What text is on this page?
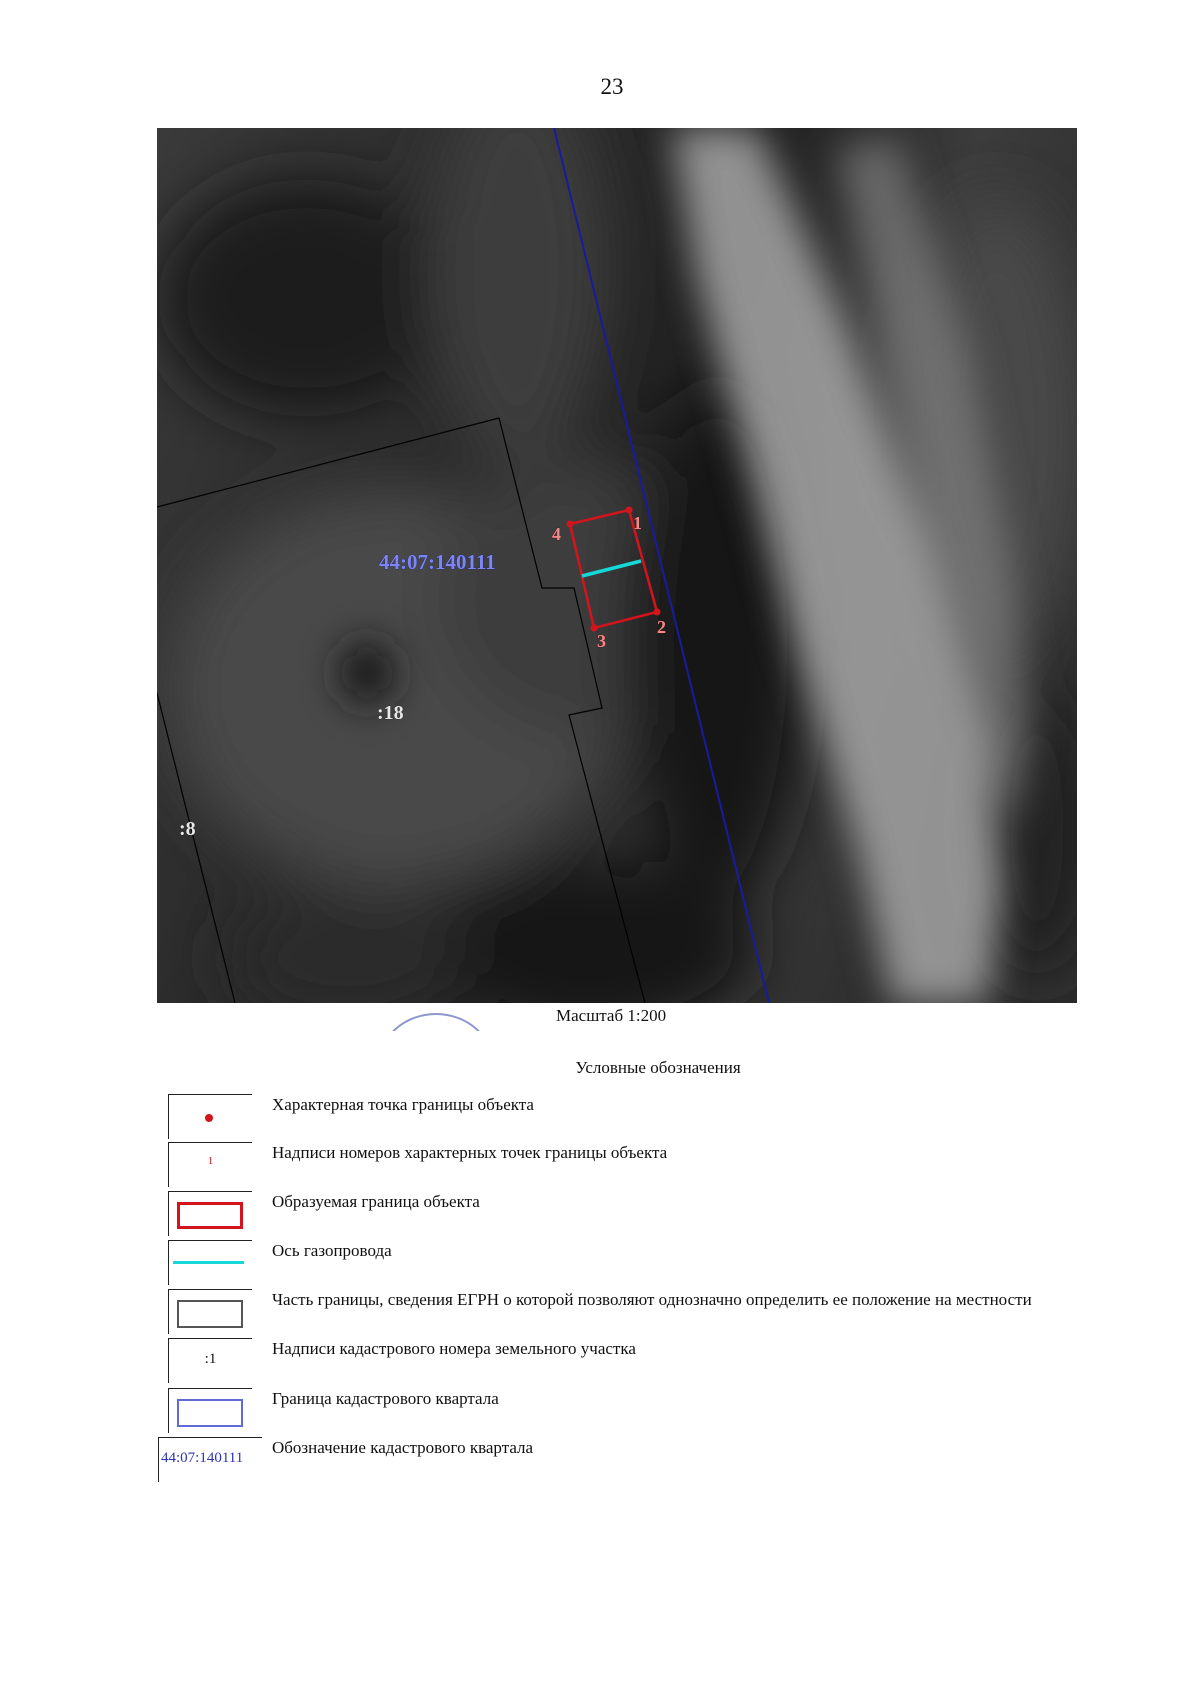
23
1
2
3
4
44:07:140111
:18
:8
Масштаб 1:200
Условные обозначения
Характерная точка границы объекта
1	Надписи номеров характерных точек границы объекта
Образуемая граница объекта
Ось газопровода
Часть границы, сведения ЕГРН о которой позволяют однозначно определить ее положение на местности
:1
Надписи кадастрового номера земельного участка
Граница кадастрового квартала
44:07:140111
Обозначение кадастрового квартала
